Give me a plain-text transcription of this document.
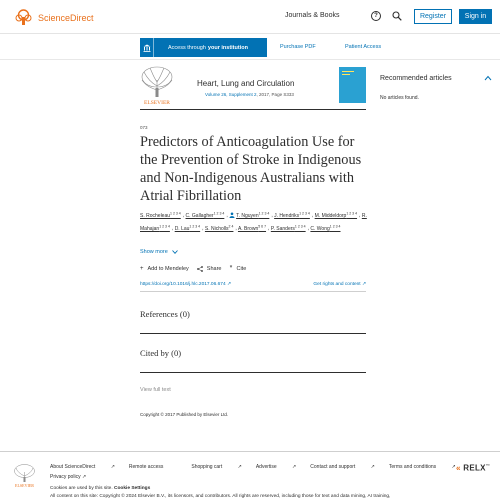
ScienceDirect	Journals & Books	?	Register	Sign in
Access through your institution	Purchase PDF	Patient Access
ELSEVIER
Heart, Lung and Circulation
Volume 26, Supplement 2, 2017, Page S333
Recommended articles
No articles found.
073
Predictors of Anticoagulation Use for the Prevention of Stroke in Indigenous and Non-Indigenous Australians with Atrial Fibrillation
S. Rocheleau$^{1 2 3 4}$ , C. Gallagher$^{1 2 3 4}$ , T. Nguyen$^{1 2 3 4}$ , J. Hendriks$^{1 2 3 4}$ , M. Middeldorp$^{1 2 3 4}$ , R. Mahajan$^{1 2 3 4}$ , D. Lau$^{1 2 3 4}$ , S. Nicholls$^{2 4}$ , A. Brown$^{5 6 7}$ , P. Sanders$^{1 2 3 4}$ , C. Wong$^{1 2 3 4}$
Show more
+ Add to Mendeley	Share ” Cite
https://doi.org/10.1016/j.hlc.2017.06.674 ↗	Get rights and content ↗
References (0)
Cited by (0)
View full text
Copyright © 2017 Published by Elsevier Ltd.
ELSEVIER
About ScienceDirect	↗	Remote access	Shopping cart	↗	Advertise	↗	Contact and support	↗	Terms and conditions	↗
Privacy policy ↗
« RELX™
Cookies are used by this site. Cookie Settings
All content on this site: Copyright © 2024 Elsevier B.V., its licensors, and contributors. All rights are reserved, including those for text and data mining, AI training,
